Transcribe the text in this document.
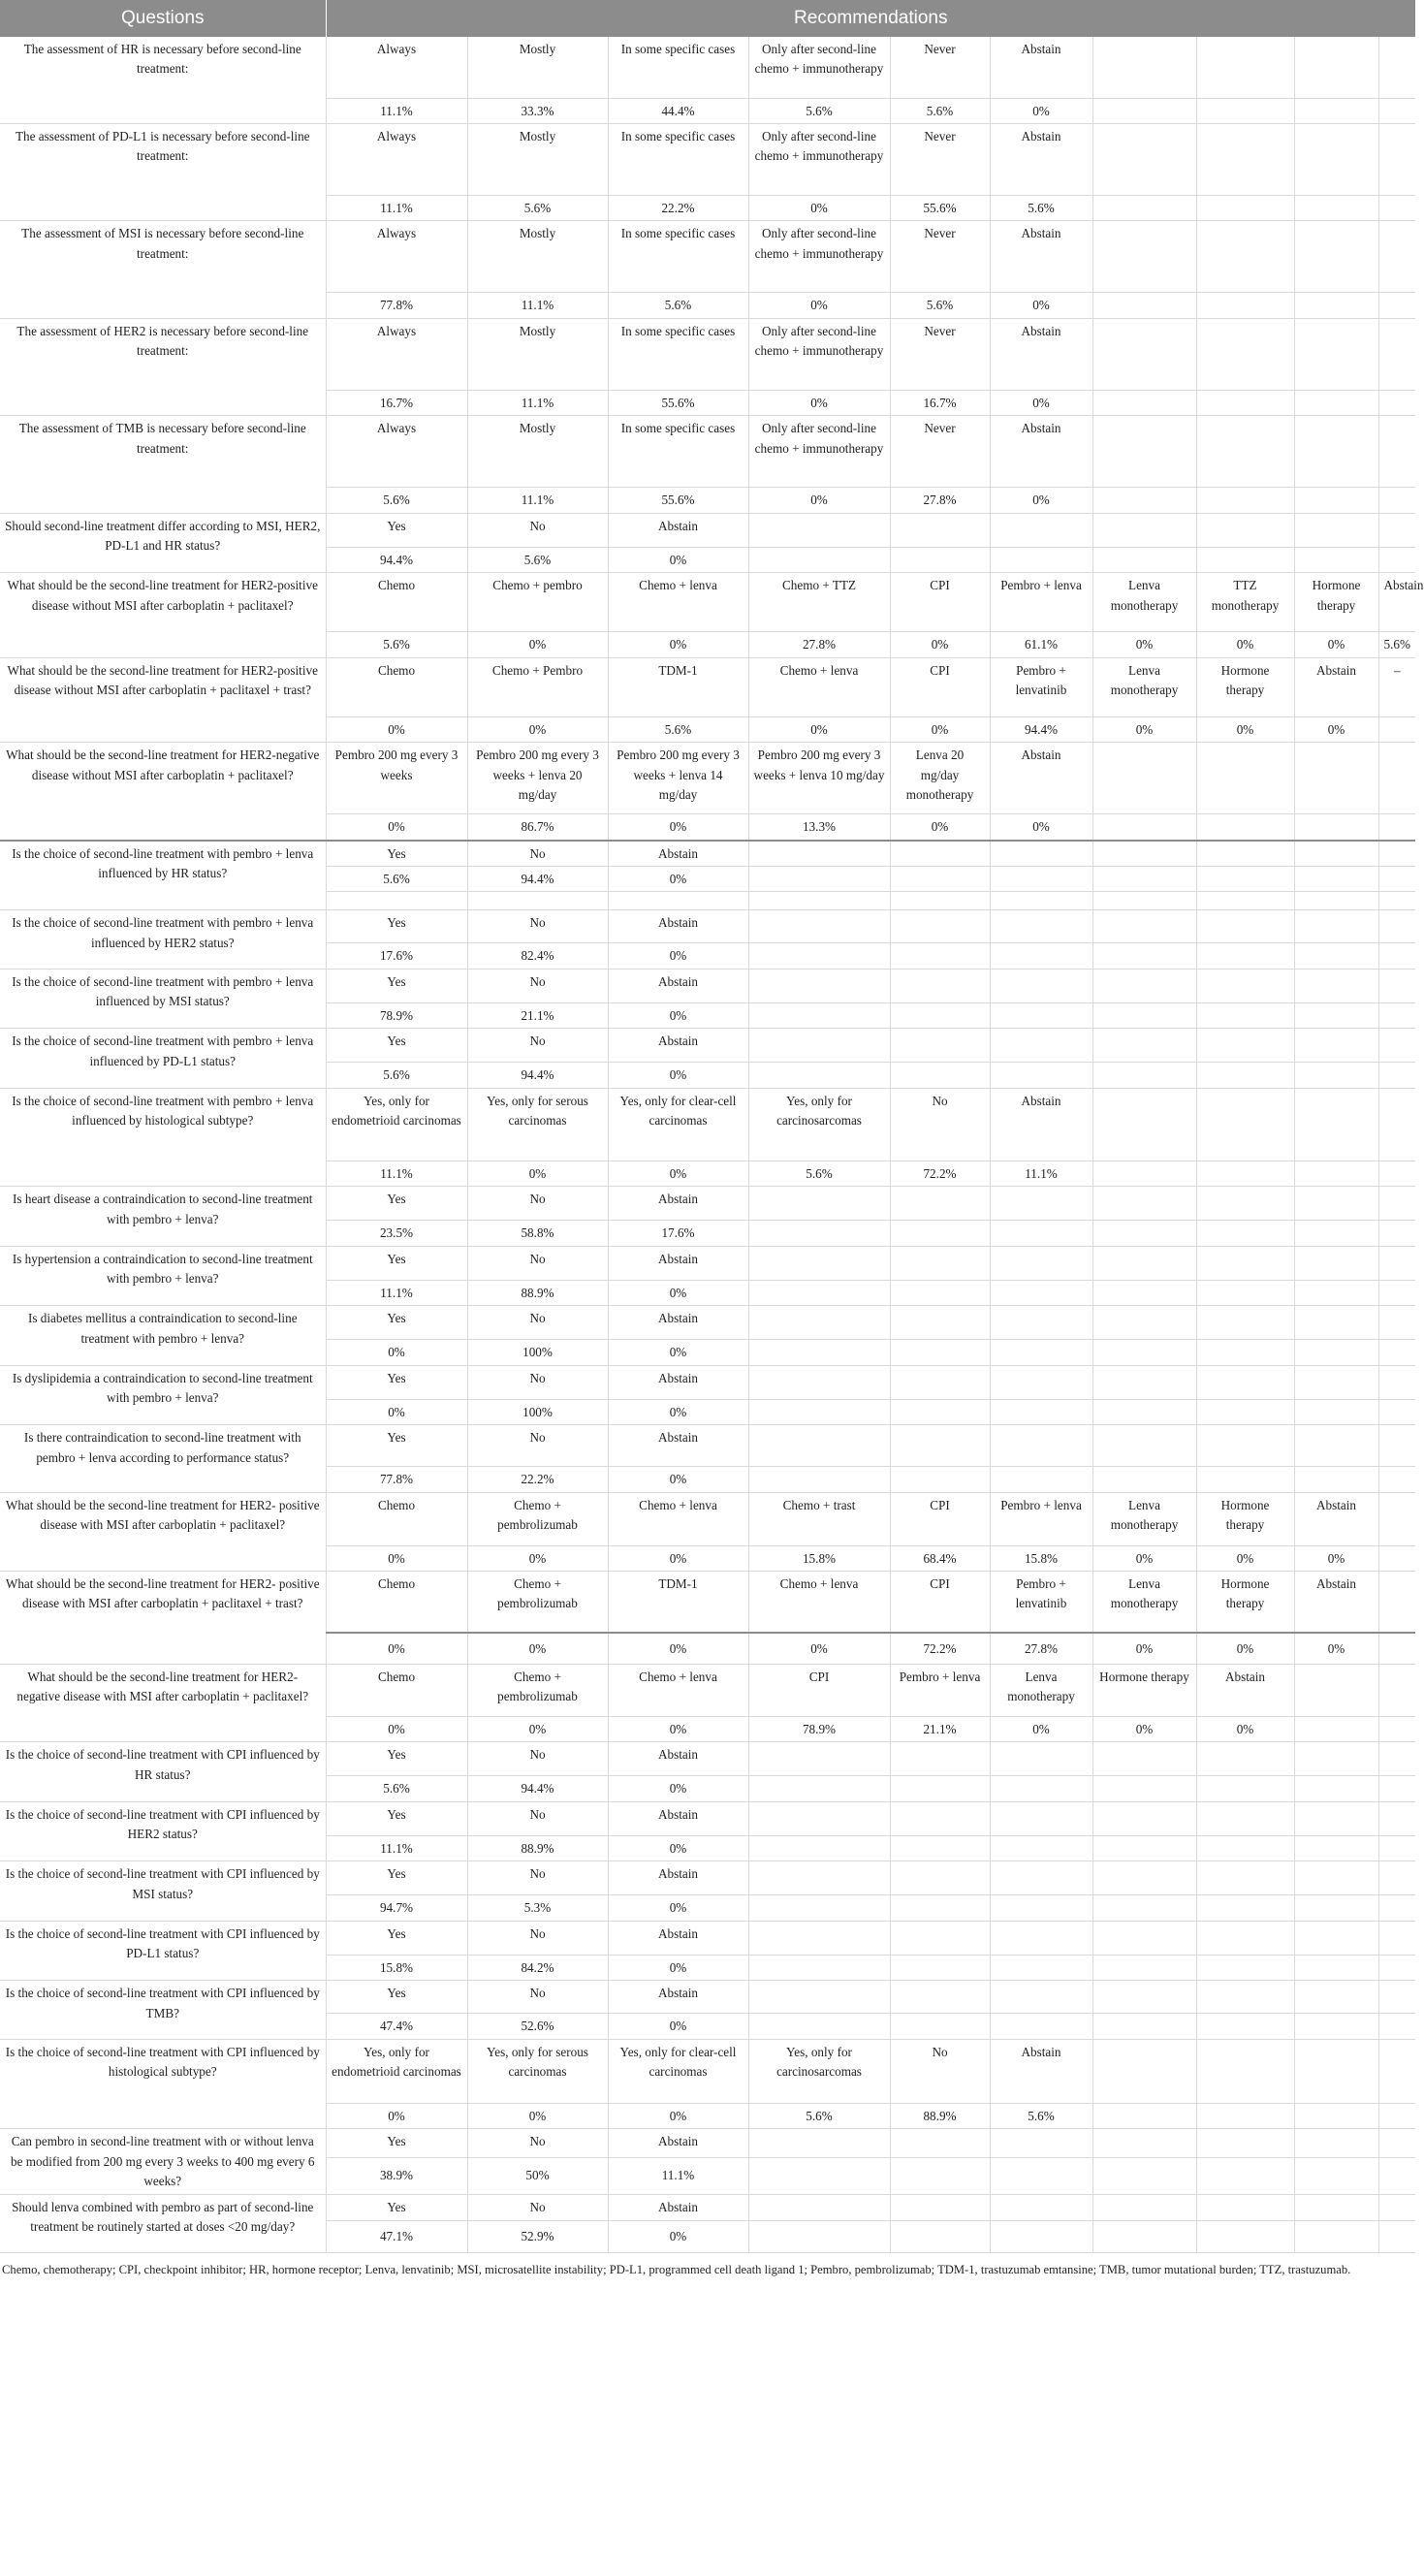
Questions	Recommendations									
The assessment of HR is necessary before second-line treatment:	Always	Mostly	In some specific cases	Only after second-line chemo + immunotherapy	Never	Abstain				
	11.1%	33.3%	44.4%	5.6%	5.6%	0%				
The assessment of PD-L1 is necessary before second-line treatment:	Always	Mostly	In some specific cases	Only after second-line chemo + immunotherapy	Never	Abstain				
	11.1%	5.6%	22.2%	0%	55.6%	5.6%				
The assessment of MSI is necessary before second-line treatment:	Always	Mostly	In some specific cases	Only after second-line chemo + immunotherapy	Never	Abstain				
	77.8%	11.1%	5.6%	0%	5.6%	0%				
The assessment of HER2 is necessary before second-line treatment:	Always	Mostly	In some specific cases	Only after second-line chemo + immunotherapy	Never	Abstain				
	16.7%	11.1%	55.6%	0%	16.7%	0%				
The assessment of TMB is necessary before second-line treatment:	Always	Mostly	In some specific cases	Only after second-line chemo + immunotherapy	Never	Abstain				
	5.6%	11.1%	55.6%	0%	27.8%	0%				
Should second-line treatment differ according to MSI, HER2, PD-L1 and HR status?	Yes	No	Abstain							
	94.4%	5.6%	0%							
What should be the second-line treatment for HER2-positive disease without MSI after carboplatin + paclitaxel?	Chemo	Chemo + pembro	Chemo + lenva	Chemo + TTZ	CPI	Pembro + lenva	Lenva monotherapy	TTZ monotherapy	Hormone therapy	Abstain
	5.6%	0%	0%	27.8%	0%	61.1%	0%	0%	0%	5.6%
What should be the second-line treatment for HER2-positive disease without MSI after carboplatin + paclitaxel + trast?	Chemo	Chemo + Pembro	TDM-1	Chemo + lenva	CPI	Pembro + lenvatinib	Lenva monotherapy	Hormone therapy	Abstain	–
	0%	0%	5.6%	0%	0%	94.4%	0%	0%	0%	
What should be the second-line treatment for HER2-negative disease without MSI after carboplatin + paclitaxel?	Pembro 200 mg every 3 weeks	Pembro 200 mg every 3 weeks + lenva 20 mg/day	Pembro 200 mg every 3 weeks + lenva 14 mg/day	Pembro 200 mg every 3 weeks + lenva 10 mg/day	Lenva 20 mg/day monotherapy	Abstain				
	0%	86.7%	0%	13.3%	0%	0%				
Is the choice of second-line treatment with pembro + lenva influenced by HR status?	Yes	No	Abstain							
	5.6%	94.4%	0%							

Is the choice of second-line treatment with pembro + lenva influenced by HER2 status?	Yes	No	Abstain							
	17.6%	82.4%	0%							
Is the choice of second-line treatment with pembro + lenva influenced by MSI status?	Yes	No	Abstain							
	78.9%	21.1%	0%							
Is the choice of second-line treatment with pembro + lenva influenced by PD-L1 status?	Yes	No	Abstain							
	5.6%	94.4%	0%							
Is the choice of second-line treatment with pembro + lenva influenced by histological subtype?	Yes, only for endometrioid carcinomas	Yes, only for serous carcinomas	Yes, only for clear-cell carcinomas	Yes, only for carcinosarcomas	No	Abstain				
	11.1%	0%	0%	5.6%	72.2%	11.1%				
Is heart disease a contraindication to second-line treatment with pembro + lenva?	Yes	No	Abstain							
	23.5%	58.8%	17.6%							
Is hypertension a contraindication to second-line treatment with pembro + lenva?	Yes	No	Abstain							
	11.1%	88.9%	0%							
Is diabetes mellitus a contraindication to second-line treatment with pembro + lenva?	Yes	No	Abstain							
	0%	100%	0%							
Is dyslipidemia a contraindication to second-line treatment with pembro + lenva?	Yes	No	Abstain							
	0%	100%	0%							
Is there contraindication to second-line treatment with pembro + lenva according to performance status?	Yes	No	Abstain							
	77.8%	22.2%	0%							
What should be the second-line treatment for HER2- positive disease with MSI after carboplatin + paclitaxel?	Chemo	Chemo + pembrolizumab	Chemo + lenva	Chemo + trast	CPI	Pembro + lenva	Lenva monotherapy	Hormone therapy	Abstain	
	0%	0%	0%	15.8%	68.4%	15.8%	0%	0%	0%	
What should be the second-line treatment for HER2- positive disease with MSI after carboplatin + paclitaxel + trast?	Chemo	Chemo + pembrolizumab	TDM-1	Chemo + lenva	CPI	Pembro + lenvatinib	Lenva monotherapy	Hormone therapy	Abstain	
	0%	0%	0%	0%	72.2%	27.8%	0%	0%	0%	
What should be the second-line treatment for HER2- negative disease with MSI after carboplatin + paclitaxel?	Chemo	Chemo + pembrolizumab	Chemo + lenva	CPI	Pembro + lenva	Lenva monotherapy	Hormone therapy	Abstain		
	0%	0%	0%	78.9%	21.1%	0%	0%	0%		
Is the choice of second-line treatment with CPI influenced by HR status?	Yes	No	Abstain							
	5.6%	94.4%	0%							
Is the choice of second-line treatment with CPI influenced by HER2 status?	Yes	No	Abstain							
	11.1%	88.9%	0%							
Is the choice of second-line treatment with CPI influenced by MSI status?	Yes	No	Abstain							
	94.7%	5.3%	0%							
Is the choice of second-line treatment with CPI influenced by PD-L1 status?	Yes	No	Abstain							
	15.8%	84.2%	0%							
Is the choice of second-line treatment with CPI influenced by TMB?	Yes	No	Abstain							
	47.4%	52.6%	0%							
Is the choice of second-line treatment with CPI influenced by histological subtype?	Yes, only for endometrioid carcinomas	Yes, only for serous carcinomas	Yes, only for clear-cell carcinomas	Yes, only for carcinosarcomas	No	Abstain				
	0%	0%	0%	5.6%	88.9%	5.6%				
Can pembro in second-line treatment with or without lenva be modified from 200 mg every 3 weeks to 400 mg every 6 weeks?	Yes	No	Abstain							
	38.9%	50%	11.1%							
Should lenva combined with pembro as part of second-line treatment be routinely started at doses <20 mg/day?	Yes	No	Abstain							
	47.1%	52.9%	0%							
Chemo, chemotherapy; CPI, checkpoint inhibitor; HR, hormone receptor; Lenva, lenvatinib; MSI, microsatellite instability; PD-L1, programmed cell death ligand 1; Pembro, pembrolizumab; TDM-1, trastuzumab emtansine; TMB, tumor mutational burden; TTZ, trastuzumab.
